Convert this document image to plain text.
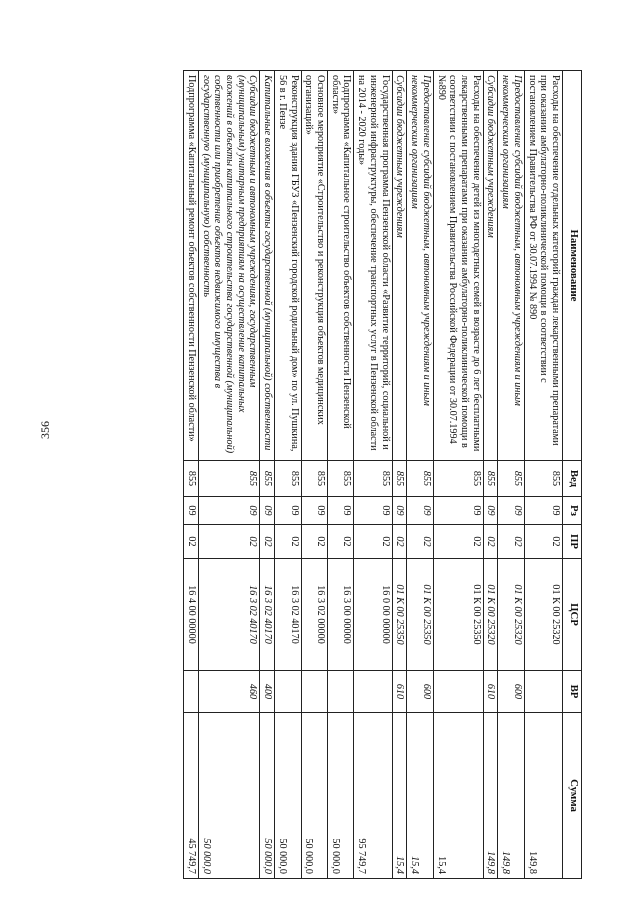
356
Наименование	Вед	Рз	ПР	ЦСР	ВР	Сумма
Расходы на обеспечение отдельных категорий граждан лекарственными препаратами при оказании амбулаторно-поликлинической помощи в соответствии с постановлением Правительства РФ от 30.07.1994 № 890	855	09	02	01 К 00 25320		149,8
Предоставление субсидий бюджетным, автономным учреждениям и иным некоммерческим организациям	855	09	02	01 К 00 25320	600	149,8
Субсидии бюджетным учреждениям	855	09	02	01 К 00 25320	610	149,8
Расходы на обеспечение детей из многодетных семей в возрасте до 6 лет бесплатными лекарственными препаратами при оказании амбулаторно-поликлинической помощи в соответствии с постановлением Правительства Российской Федерации от 30.07.1994 №890	855	09	02	01 К 00 25350		15,4
Предоставление субсидий бюджетным, автономным учреждениям и иным некоммерческим организациям	855	09	02	01 К 00 25350	600	15,4
Субсидии бюджетным учреждениям	855	09	02	01 К 00 25350	610	15,4
Государственная программа Пензенской области «Развитие территорий, социальной и инженерной инфраструктуры, обеспечение транспортных услуг в Пензенской области на 2014 - 2020 годы»	855	09	02	16 0 00 00000		95 749,7
Подпрограмма «Капитальное строительство объектов собственности Пензенской области»	855	09	02	16 3 00 00000		50 000,0
Основное мероприятие «Строительство и реконструкция объектов медицинских организаций»	855	09	02	16 3 02 00000		50 000,0
Реконструкция здания ГБУЗ «Пензенский городской родильный дом» по ул. Пушкина, 56 в г. Пензе	855	09	02	16 3 02 40170		50 000,0
Капитальные вложения в объекты государственной (муниципальной) собственности	855	09	02	16 3 02 40170	400	50 000,0
Субсидии бюджетным и автономным учреждениям, государственным (муниципальным) унитарным предприятиям на осуществление капитальных вложений в объекты капитального строительства государственной (муниципальной) собственности или приобретение объектов недвижимого имущества в государственную (муниципальную) собственность	855	09	02	16 3 02 40170	460	50 000,0
Подпрограмма «Капитальный ремонт объектов собственности Пензенской области»	855	09	02	16 4 00 00000		45 749,7
